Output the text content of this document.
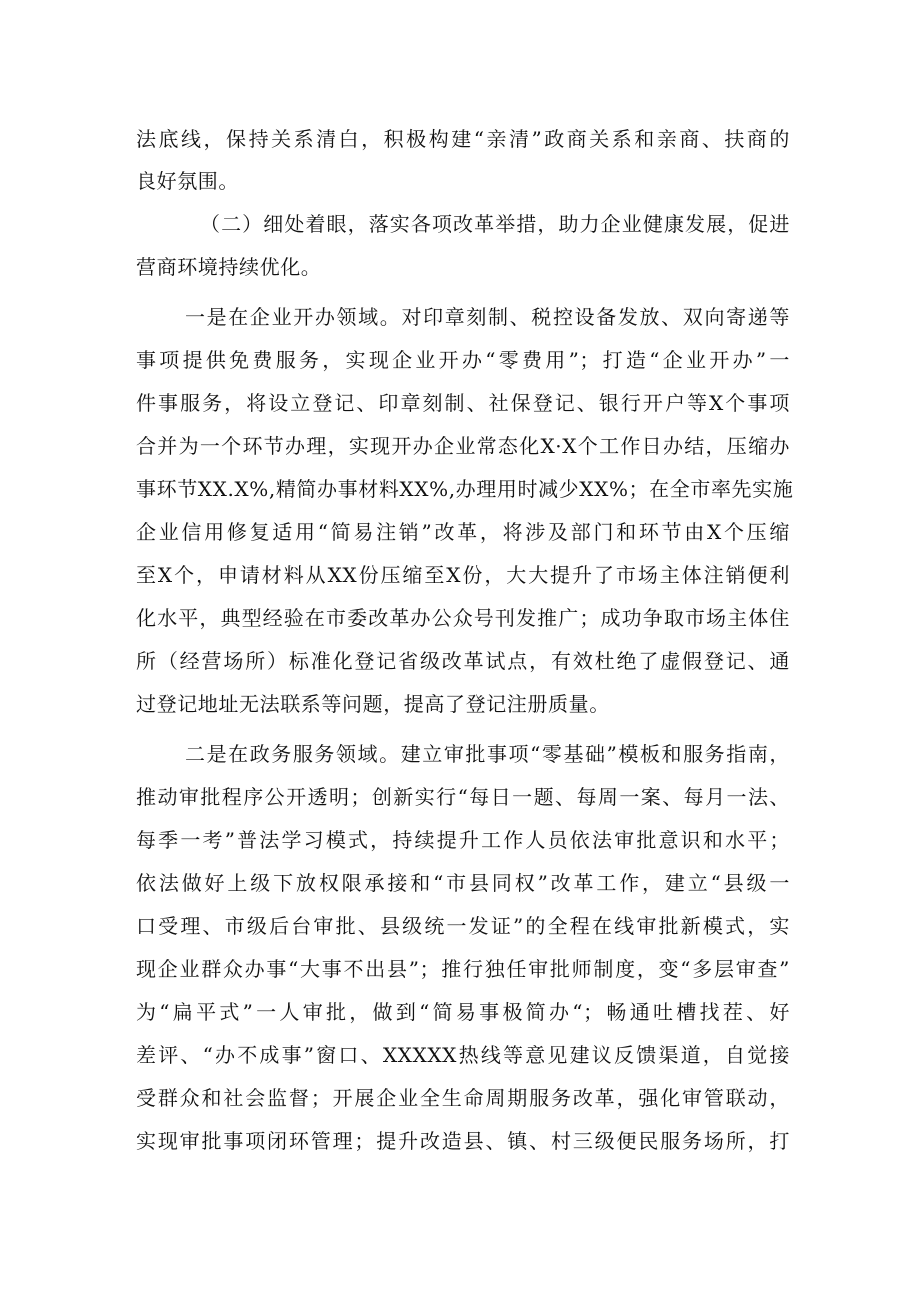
法底线，保持关系清白，积极构建“亲清”政商关系和亲商、扶商的
良好氛围。
（二）细处着眼，落实各项改革举措，助力企业健康发展，促进
营商环境持续优化。
一是在企业开办领域。对印章刻制、税控设备发放、双向寄递等
事项提供免费服务，实现企业开办“零费用”；打造“企业开办”一
件事服务，将设立登记、印章刻制、社保登记、银行开户等X个事项
合并为一个环节办理，实现开办企业常态化X·X个工作日办结，压缩办
事环节XX.X%,精简办事材料XX%,办理用时减少XX%；在全市率先实施
企业信用修复适用“简易注销”改革，将涉及部门和环节由X个压缩
至X个，申请材料从XX份压缩至X份，大大提升了市场主体注销便利
化水平，典型经验在市委改革办公众号刊发推广；成功争取市场主体住
所（经营场所）标准化登记省级改革试点，有效杜绝了虚假登记、通
过登记地址无法联系等问题，提高了登记注册质量。
二是在政务服务领域。建立审批事项“零基础”模板和服务指南，
推动审批程序公开透明；创新实行“每日一题、每周一案、每月一法、
每季一考”普法学习模式，持续提升工作人员依法审批意识和水平；
依法做好上级下放权限承接和“市县同权”改革工作，建立“县级一
口受理、市级后台审批、县级统一发证”的全程在线审批新模式，实
现企业群众办事“大事不出县”；推行独任审批师制度，变“多层审查”
为“扁平式”一人审批，做到“简易事极简办“；畅通吐槽找茬、好
差评、“办不成事”窗口、XXXXX热线等意见建议反馈渠道，自觉接
受群众和社会监督；开展企业全生命周期服务改革，强化审管联动，
实现审批事项闭环管理；提升改造县、镇、村三级便民服务场所，打
